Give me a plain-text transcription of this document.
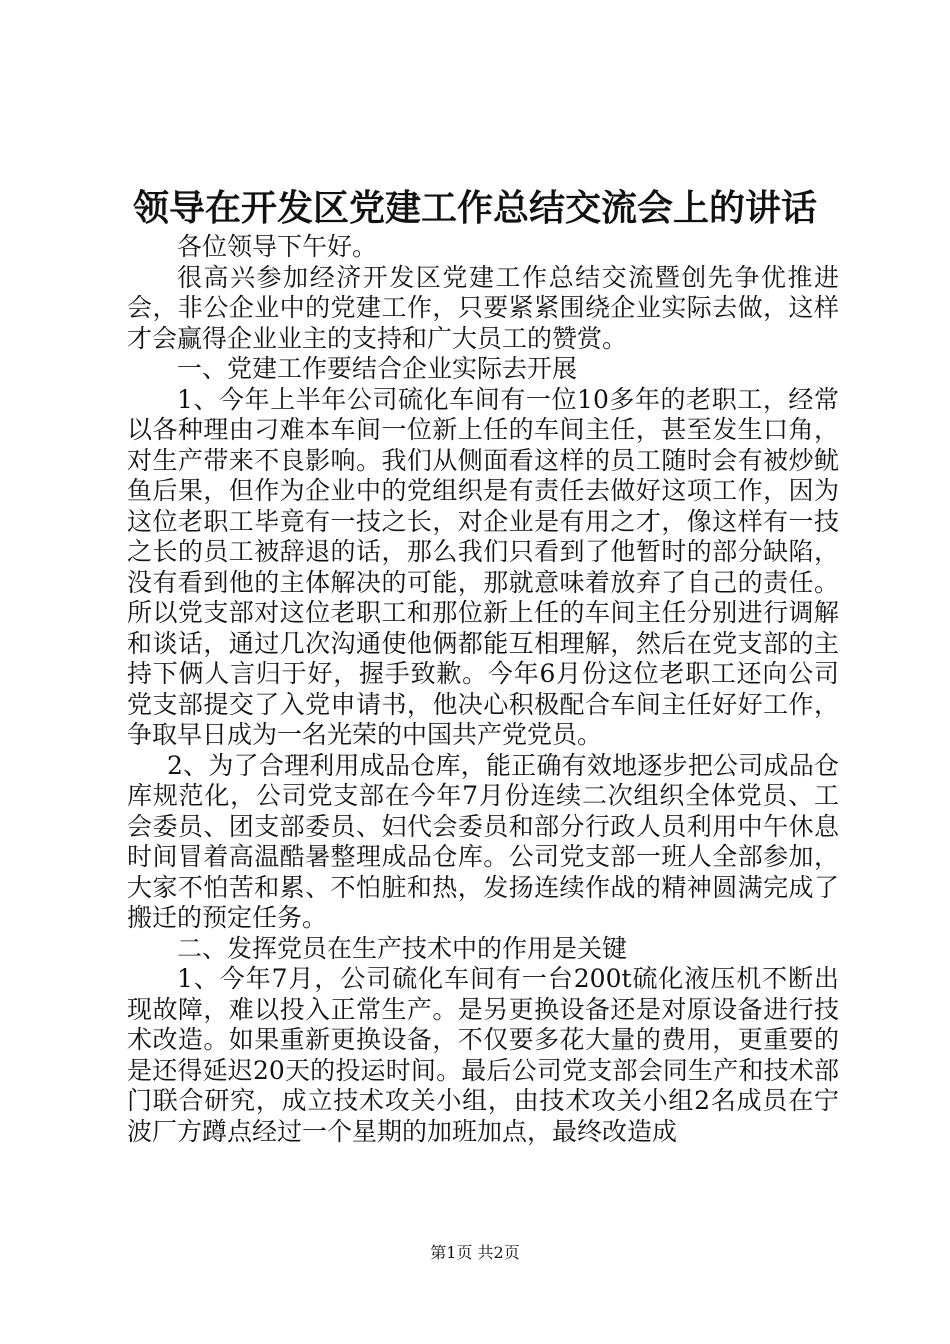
领导在开发区党建工作总结交流会上的讲话

各位领导下午好。

很高兴参加经济开发区党建工作总结交流暨创先争优推进会，非公企业中的党建工作，只要紧紧围绕企业实际去做，这样才会赢得企业业主的支持和广大员工的赞赏。

一、党建工作要结合企业实际去开展

1、今年上半年公司硫化车间有一位10多年的老职工，经常以各种理由刁难本车间一位新上任的车间主任，甚至发生口角，对生产带来不良影响。我们从侧面看这样的员工随时会有被炒鱿鱼后果，但作为企业中的党组织是有责任去做好这项工作，因为这位老职工毕竟有一技之长，对企业是有用之才，像这样有一技之长的员工被辞退的话，那么我们只看到了他暂时的部分缺陷，没有看到他的主体解决的可能，那就意味着放弃了自己的责任。所以党支部对这位老职工和那位新上任的车间主任分别进行调解和谈话，通过几次沟通使他俩都能互相理解，然后在党支部的主持下俩人言归于好，握手致歉。今年6月份这位老职工还向公司党支部提交了入党申请书，他决心积极配合车间主任好好工作，争取早日成为一名光荣的中国共产党党员。

2、为了合理利用成品仓库，能正确有效地逐步把公司成品仓库规范化，公司党支部在今年7月份连续二次组织全体党员、工会委员、团支部委员、妇代会委员和部分行政人员利用中午休息时间冒着高温酷暑整理成品仓库。公司党支部一班人全部参加，大家不怕苦和累、不怕脏和热，发扬连续作战的精神圆满完成了搬迁的预定任务。

二、发挥党员在生产技术中的作用是关键

1、今年7月，公司硫化车间有一台200t硫化液压机不断出现故障，难以投入正常生产。是另更换设备还是对原设备进行技术改造。如果重新更换设备，不仅要多花大量的费用，更重要的是还得延迟20天的投运时间。最后公司党支部会同生产和技术部门联合研究，成立技术攻关小组，由技术攻关小组2名成员在宁波厂方蹲点经过一个星期的加班加点，最终改造成

第1页 共2页
